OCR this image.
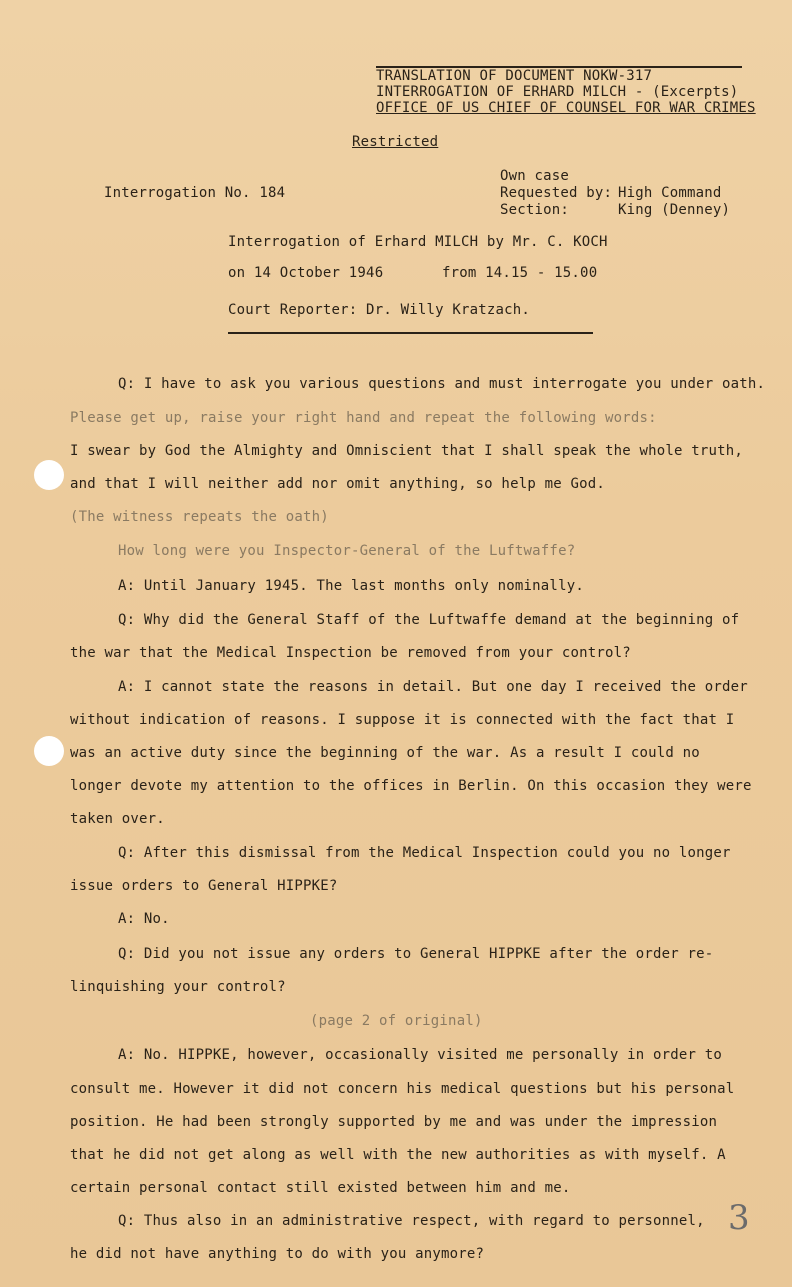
TRANSLATION OF DOCUMENT NOKW-317
INTERROGATION OF ERHARD MILCH - (Excerpts)
OFFICE OF US CHIEF OF COUNSEL FOR WAR CRIMES
Restricted
Interrogation No. 184
Own case
Requested by: High Command
Section:	King (Denney)
Interrogation of Erhard MILCH by Mr. C. KOCH
on 14 October 1946	from 14.15 - 15.00
Court Reporter: Dr. Willy Kratzach.
Q: I have to ask you various questions and must interrogate you under oath.
Please get up, raise your right hand and repeat the following words:
I swear by God the Almighty and Omniscient that I shall speak the whole truth,
and that I will neither add nor omit anything, so help me God.
(The witness repeats the oath)
How long were you Inspector-General of the Luftwaffe?
A: Until January 1945. The last months only nominally.
Q: Why did the General Staff of the Luftwaffe demand at the beginning of
the war that the Medical Inspection be removed from your control?
A: I cannot state the reasons in detail. But one day I received the order
without indication of reasons. I suppose it is connected with the fact that I
was an active duty since the beginning of the war. As a result I could no
longer devote my attention to the offices in Berlin. On this occasion they were
taken over.
Q: After this dismissal from the Medical Inspection could you no longer
issue orders to General HIPPKE?
A: No.
Q: Did you not issue any orders to General HIPPKE after the order re-
linquishing your control?
(page 2 of original)
A: No. HIPPKE, however, occasionally visited me personally in order to
consult me. However it did not concern his medical questions but his personal
position. He had been strongly supported by me and was under the impression
that he did not get along as well with the new authorities as with myself. A
certain personal contact still existed between him and me.
Q: Thus also in an administrative respect, with regard to personnel,
he did not have anything to do with you anymore?
3
